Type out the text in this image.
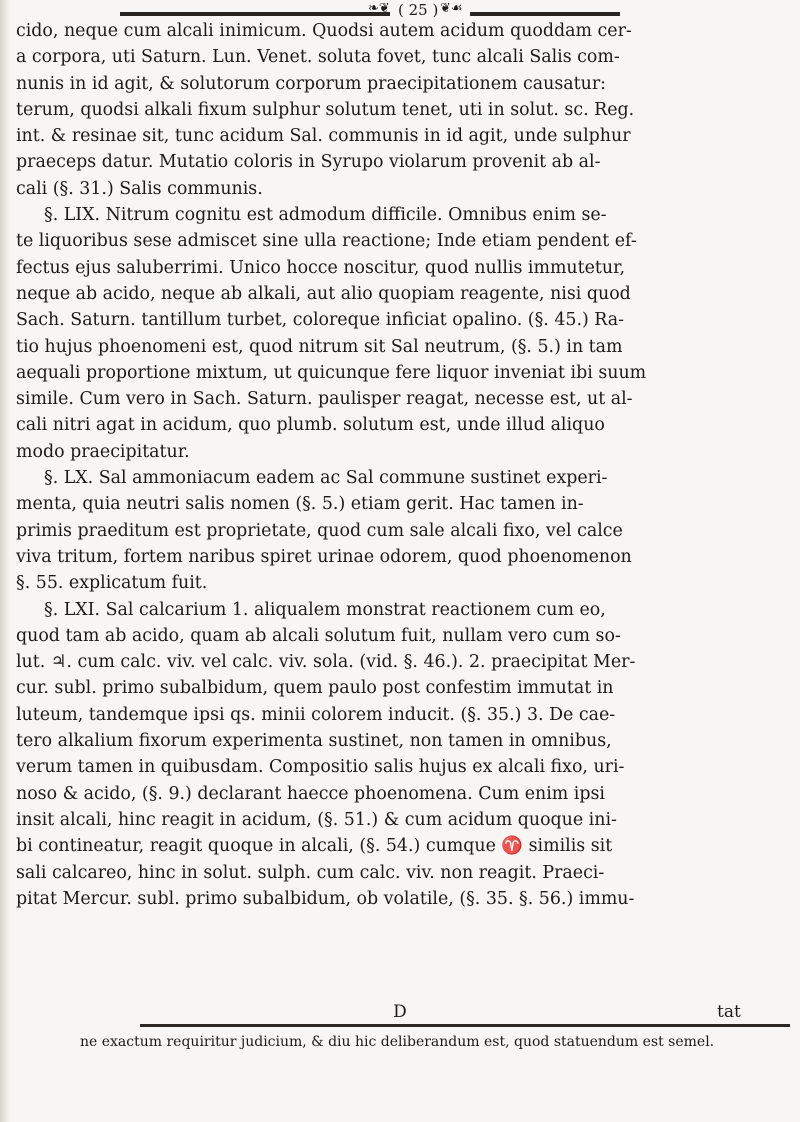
❧❦ ( 25 ) ❦☙

cido, neque cum alcali inimicum. Quodsi autem acidum quoddam cer-

a corpora, uti Saturn. Lun. Venet. soluta fovet, tunc alcali Salis com-

nunis in id agit, & solutorum corporum praecipitationem causatur:

terum, quodsi alkali fixum sulphur solutum tenet, uti in solut. sc. Reg.

int. & resinae sit, tunc acidum Sal. communis in id agit, unde sulphur

praeceps datur. Mutatio coloris in Syrupo violarum provenit ab al-

cali (§. 31.) Salis communis.

§. LIX. Nitrum cognitu est admodum difficile. Omnibus enim se-

te liquoribus sese admiscet sine ulla reactione; Inde etiam pendent ef-

fectus ejus saluberrimi. Unico hocce noscitur, quod nullis immutetur,

neque ab acido, neque ab alkali, aut alio quopiam reagente, nisi quod

Sach. Saturn. tantillum turbet, coloreque inficiat opalino. (§. 45.) Ra-

tio hujus phoenomeni est, quod nitrum sit Sal neutrum, (§. 5.) in tam

aequali proportione mixtum, ut quicunque fere liquor inveniat ibi suum

simile. Cum vero in Sach. Saturn. paulisper reagat, necesse est, ut al-

cali nitri agat in acidum, quo plumb. solutum est, unde illud aliquo

modo praecipitatur.

§. LX. Sal ammoniacum eadem ac Sal commune sustinet experi-

menta, quia neutri salis nomen (§. 5.) etiam gerit. Hac tamen in-

primis praeditum est proprietate, quod cum sale alcali fixo, vel calce

viva tritum, fortem naribus spiret urinae odorem, quod phoenomenon

§. 55. explicatum fuit.

§. LXI. Sal calcarium 1. aliqualem monstrat reactionem cum eo,

quod tam ab acido, quam ab alcali solutum fuit, nullam vero cum so-

lut. ♃. cum calc. viv. vel calc. viv. sola. (vid. §. 46.). 2. praecipitat Mer-

cur. subl. primo subalbidum, quem paulo post confestim immutat in

luteum, tandemque ipsi qs. minii colorem inducit. (§. 35.) 3. De cae-

tero alkalium fixorum experimenta sustinet, non tamen in omnibus,

verum tamen in quibusdam. Compositio salis hujus ex alcali fixo, uri-

noso & acido, (§. 9.) declarant haecce phoenomena. Cum enim ipsi

insit alcali, hinc reagit in acidum, (§. 51.) & cum acidum quoque ini-

bi contineatur, reagit quoque in alcali, (§. 54.) cumque ♈ similis sit

sali calcareo, hinc in solut. sulph. cum calc. viv. non reagit. Praeci-

pitat Mercur. subl. primo subalbidum, ob volatile, (§. 35. §. 56.) immu-

D	tat
ne exactum requiritur judicium, & diu hic deliberandum est, quod statuendum est semel.
